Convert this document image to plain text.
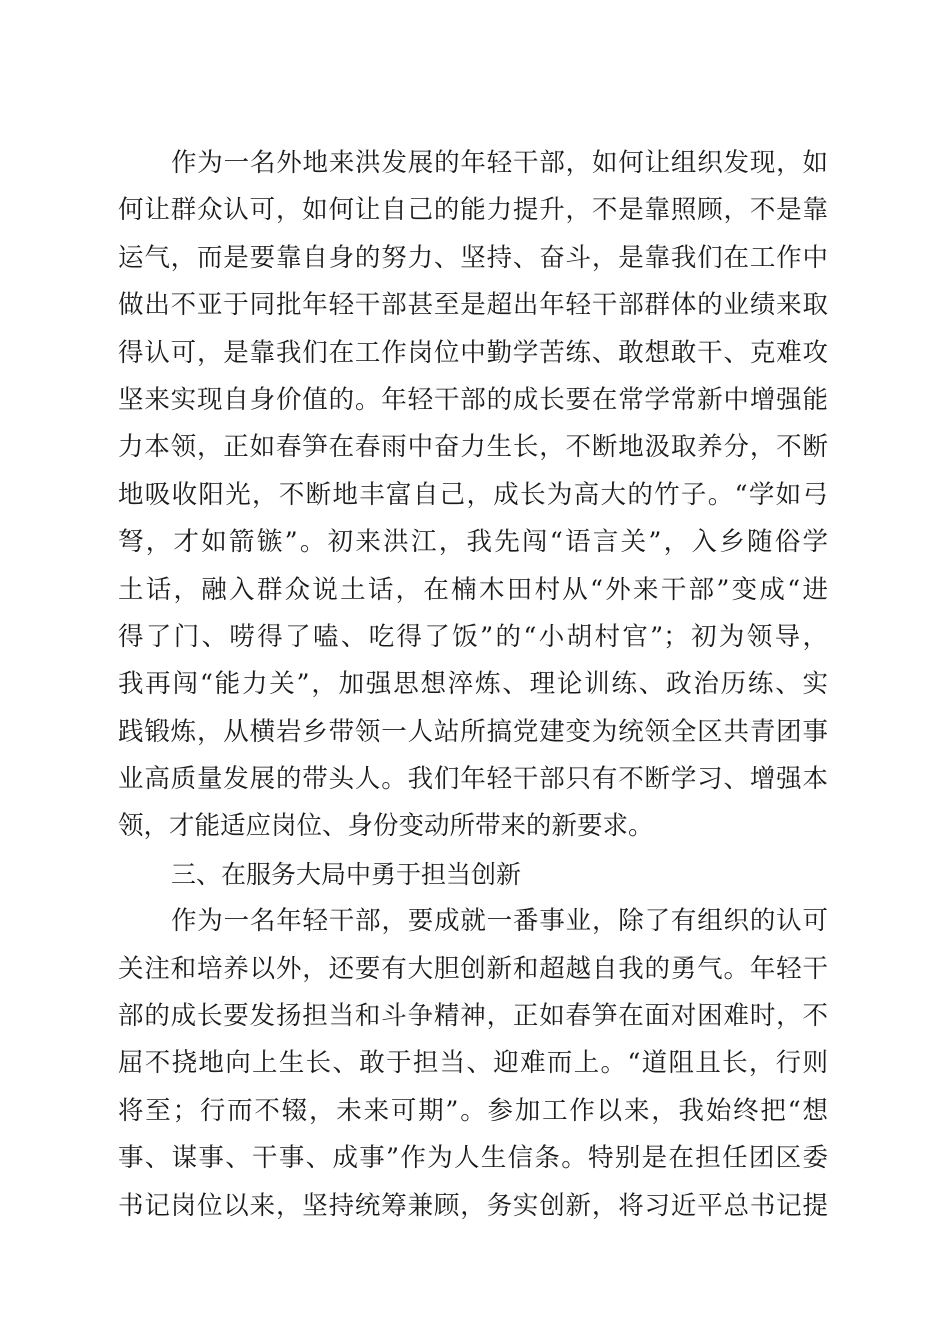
作为一名外地来洪发展的年轻干部，如何让组织发现，如
何让群众认可，如何让自己的能力提升，不是靠照顾，不是靠
运气，而是要靠自身的努力、坚持、奋斗，是靠我们在工作中
做出不亚于同批年轻干部甚至是超出年轻干部群体的业绩来取
得认可，是靠我们在工作岗位中勤学苦练、敢想敢干、克难攻
坚来实现自身价值的。年轻干部的成长要在常学常新中增强能
力本领，正如春笋在春雨中奋力生长，不断地汲取养分，不断
地吸收阳光，不断地丰富自己，成长为高大的竹子。“学如弓
弩，才如箭镞”。初来洪江，我先闯“语言关”，入乡随俗学
土话，融入群众说土话，在楠木田村从“外来干部”变成“进
得了门、唠得了嗑、吃得了饭”的“小胡村官”；初为领导，
我再闯“能力关”，加强思想淬炼、理论训练、政治历练、实
践锻炼，从横岩乡带领一人站所搞党建变为统领全区共青团事
业高质量发展的带头人。我们年轻干部只有不断学习、增强本
领，才能适应岗位、身份变动所带来的新要求。
三、在服务大局中勇于担当创新
作为一名年轻干部，要成就一番事业，除了有组织的认可
关注和培养以外，还要有大胆创新和超越自我的勇气。年轻干
部的成长要发扬担当和斗争精神，正如春笋在面对困难时，不
屈不挠地向上生长、敢于担当、迎难而上。“道阻且长，行则
将至；行而不辍，未来可期”。参加工作以来，我始终把“想
事、谋事、干事、成事”作为人生信条。特别是在担任团区委
书记岗位以来，坚持统筹兼顾，务实创新，将习近平总书记提
